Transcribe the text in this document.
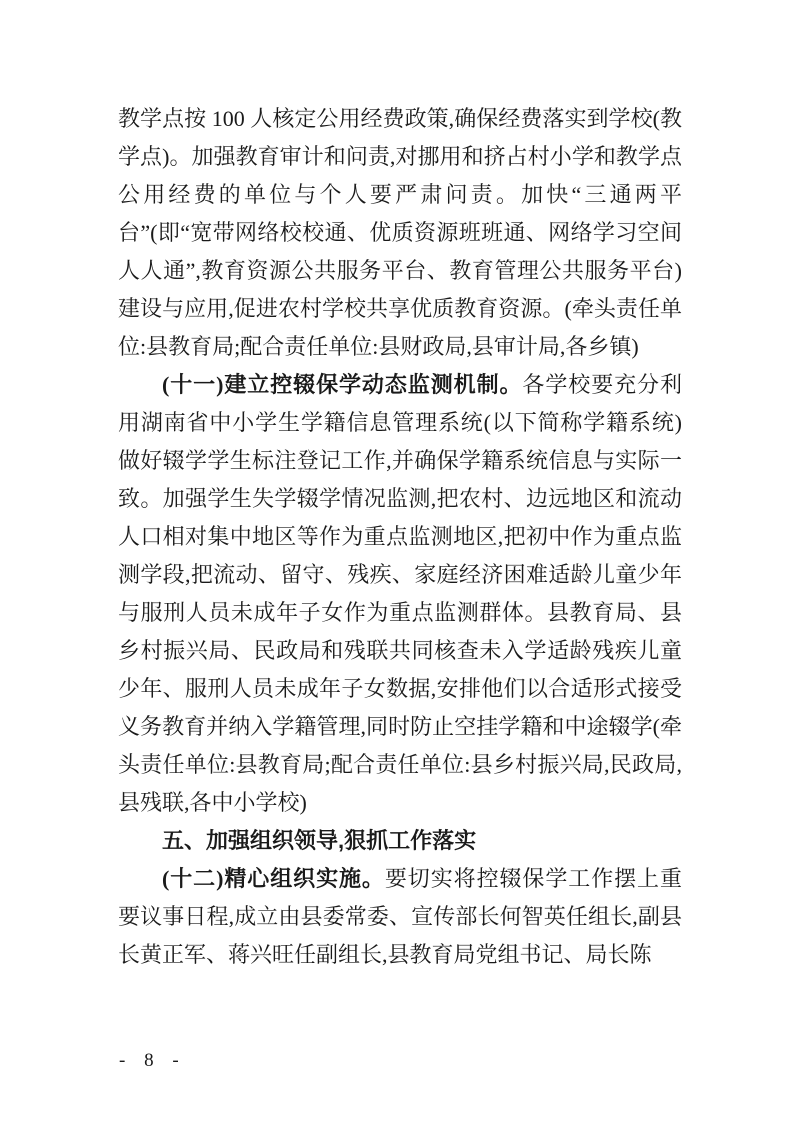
教学点按 100 人核定公用经费政策,确保经费落实到学校(教学点)。加强教育审计和问责,对挪用和挤占村小学和教学点公用经费的单位与个人要严肃问责。加快“三通两平台”(即“宽带网络校校通、优质资源班班通、网络学习空间人人通”,教育资源公共服务平台、教育管理公共服务平台)建设与应用,促进农村学校共享优质教育资源。(牵头责任单位:县教育局;配合责任单位:县财政局,县审计局,各乡镇)

(十一)建立控辍保学动态监测机制。各学校要充分利用湖南省中小学生学籍信息管理系统(以下简称学籍系统)做好辍学学生标注登记工作,并确保学籍系统信息与实际一致。加强学生失学辍学情况监测,把农村、边远地区和流动人口相对集中地区等作为重点监测地区,把初中作为重点监测学段,把流动、留守、残疾、家庭经济困难适龄儿童少年与服刑人员未成年子女作为重点监测群体。县教育局、县乡村振兴局、民政局和残联共同核查未入学适龄残疾儿童少年、服刑人员未成年子女数据,安排他们以合适形式接受义务教育并纳入学籍管理,同时防止空挂学籍和中途辍学(牵头责任单位:县教育局;配合责任单位:县乡村振兴局,民政局,县残联,各中小学校)

五、加强组织领导,狠抓工作落实

(十二)精心组织实施。要切实将控辍保学工作摆上重要议事日程,成立由县委常委、宣传部长何智英任组长,副县长黄正军、蒋兴旺任副组长,县教育局党组书记、局长陈

- 8 -
